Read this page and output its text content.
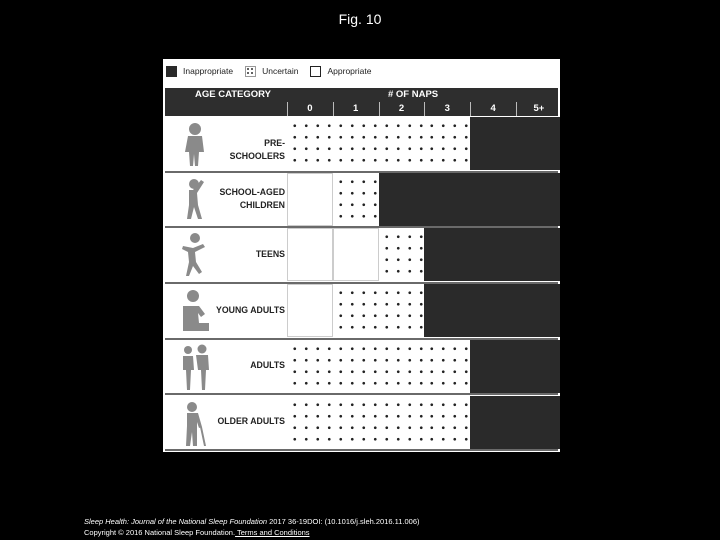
Fig. 10
Inappropriate	Uncertain	Appropriate
AGE CATEGORY	# OF NAPS
0	1	2	3	4	5+
PRE-SCHOOLERS
SCHOOL-AGED
CHILDREN
TEENS
YOUNG ADULTS
ADULTS
OLDER ADULTS
Sleep Health: Journal of the National Sleep Foundation 2017 36-19DOI: (10.1016/j.sleh.2016.11.006)
Copyright © 2016 National Sleep Foundation. Terms and Conditions
